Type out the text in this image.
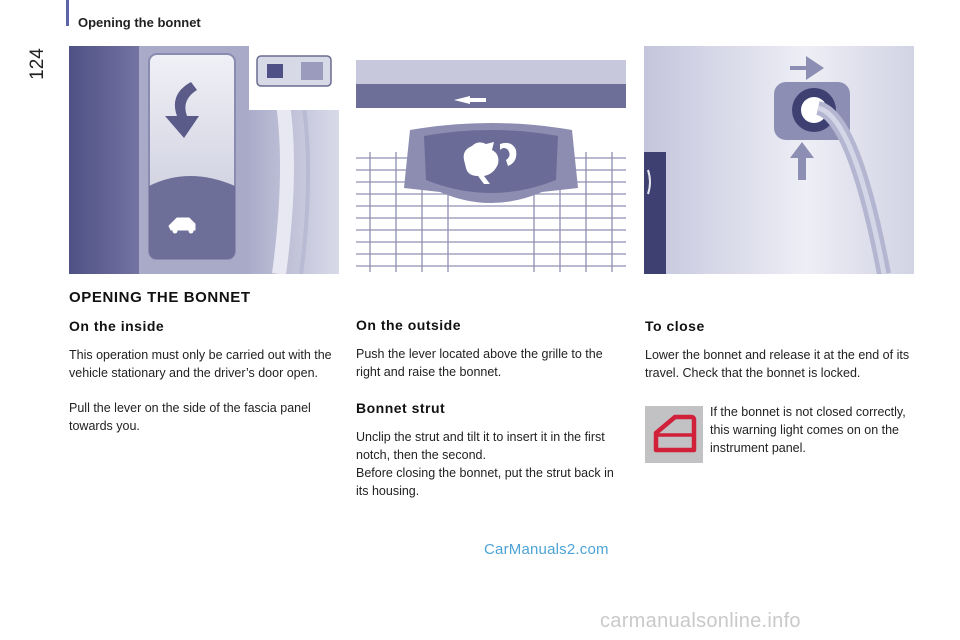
124
Opening the bonnet
OPENING THE BONNET
On the inside

This operation must only be carried out with the vehicle stationary and the driver’s door open.

Pull the lever on the side of the fascia panel towards you.

On the outside

Push the lever located above the grille to the right and raise the bonnet.

Bonnet strut

Unclip the strut and tilt it to insert it in the first notch, then the second.

Before closing the bonnet, put the strut back in its housing.

To close

Lower the bonnet and release it at the end of its travel. Check that the bonnet is locked.

If the bonnet is not closed correctly, this warning light comes on on the instrument panel.

CarManuals2.com
carmanualsonline.info
